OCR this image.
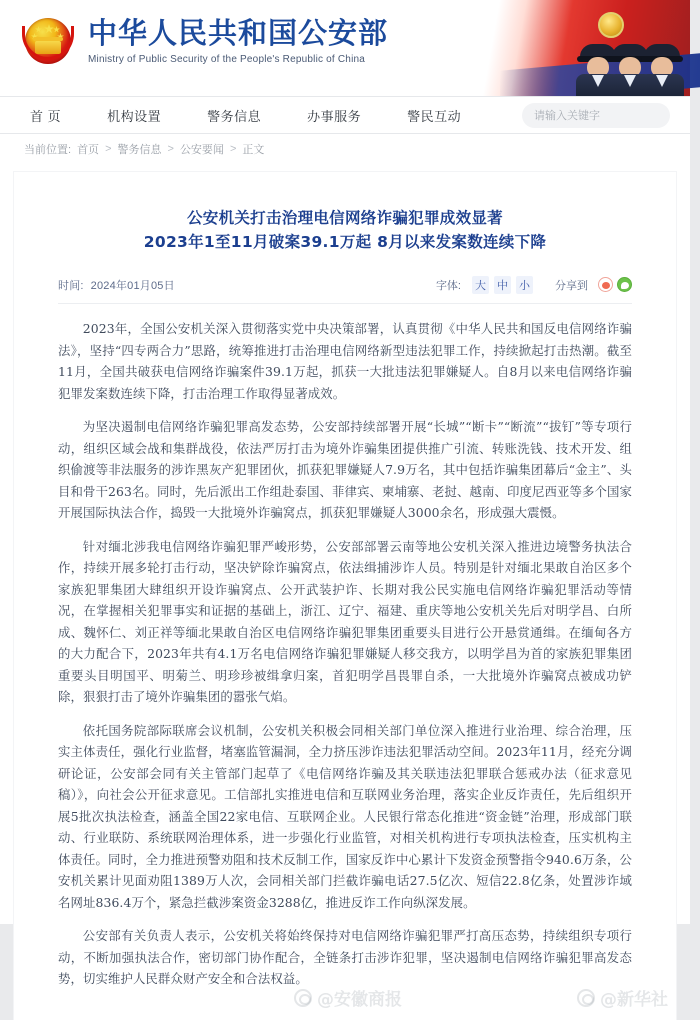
中华人民共和国公安部
Ministry of Public Security of the People's Republic of China
首 页	机构设置	警务信息	办事服务	警民互动
请输入关键字
当前位置: 首页 > 警务信息 > 公安要闻 > 正文
公安机关打击治理电信网络诈骗犯罪成效显著
2023年1至11月破案39.1万起 8月以来发案数连续下降
时间: 2024年01月05日	字体: 大 中 小 分享到

2023年，全国公安机关深入贯彻落实党中央决策部署，认真贯彻《中华人民共和国反电信网络诈骗法》，坚持“四专两合力”思路，统筹推进打击治理电信网络新型违法犯罪工作，持续掀起打击热潮。截至11月，全国共破获电信网络诈骗案件39.1万起，抓获一大批违法犯罪嫌疑人。自8月以来电信网络诈骗犯罪发案数连续下降，打击治理工作取得显著成效。

为坚决遏制电信网络诈骗犯罪高发态势，公安部持续部署开展“长城”“断卡”“断流”“拔钉”等专项行动，组织区域会战和集群战役，依法严厉打击为境外诈骗集团提供推广引流、转账洗钱、技术开发、组织偷渡等非法服务的涉诈黑灰产犯罪团伙，抓获犯罪嫌疑人7.9万名，其中包括诈骗集团幕后“金主”、头目和骨干263名。同时，先后派出工作组赴泰国、菲律宾、柬埔寨、老挝、越南、印度尼西亚等多个国家开展国际执法合作，捣毁一大批境外诈骗窝点，抓获犯罪嫌疑人3000余名，形成强大震慑。

针对缅北涉我电信网络诈骗犯罪严峻形势，公安部部署云南等地公安机关深入推进边境警务执法合作，持续开展多轮打击行动，坚决铲除诈骗窝点，依法缉捕涉诈人员。特别是针对缅北果敢自治区多个家族犯罪集团大肆组织开设诈骗窝点、公开武装护诈、长期对我公民实施电信网络诈骗犯罪活动等情况，在掌握相关犯罪事实和证据的基础上，浙江、辽宁、福建、重庆等地公安机关先后对明学昌、白所成、魏怀仁、刘正祥等缅北果敢自治区电信网络诈骗犯罪集团重要头目进行公开悬赏通缉。在缅甸各方的大力配合下，2023年共有4.1万名电信网络诈骗犯罪嫌疑人移交我方，以明学昌为首的家族犯罪集团重要头目明国平、明菊兰、明珍珍被缉拿归案，首犯明学昌畏罪自杀，一大批境外诈骗窝点被成功铲除，狠狠打击了境外诈骗集团的嚣张气焰。

依托国务院部际联席会议机制，公安机关积极会同相关部门单位深入推进行业治理、综合治理，压实主体责任，强化行业监督，堵塞监管漏洞，全力挤压涉诈违法犯罪活动空间。2023年11月，经充分调研论证，公安部会同有关主管部门起草了《电信网络诈骗及其关联违法犯罪联合惩戒办法（征求意见稿）》，向社会公开征求意见。工信部扎实推进电信和互联网业务治理，落实企业反诈责任，先后组织开展5批次执法检查，涵盖全国22家电信、互联网企业。人民银行常态化推进“资金链”治理，形成部门联动、行业联防、系统联网治理体系，进一步强化行业监管，对相关机构进行专项执法检查，压实机构主体责任。同时，全力推进预警劝阻和技术反制工作，国家反诈中心累计下发资金预警指令940.6万条，公安机关累计见面劝阻1389万人次，会同相关部门拦截诈骗电话27.5亿次、短信22.8亿条，处置涉诈域名网址836.4万个，紧急拦截涉案资金3288亿，推进反诈工作向纵深发展。

公安部有关负责人表示，公安机关将始终保持对电信网络诈骗犯罪严打高压态势，持续组织专项行动，不断加强执法合作，密切部门协作配合，全链条打击涉诈犯罪，坚决遏制电信网络诈骗犯罪高发态势，切实维护人民群众财产安全和合法权益。

@安徽商报	@新华社
